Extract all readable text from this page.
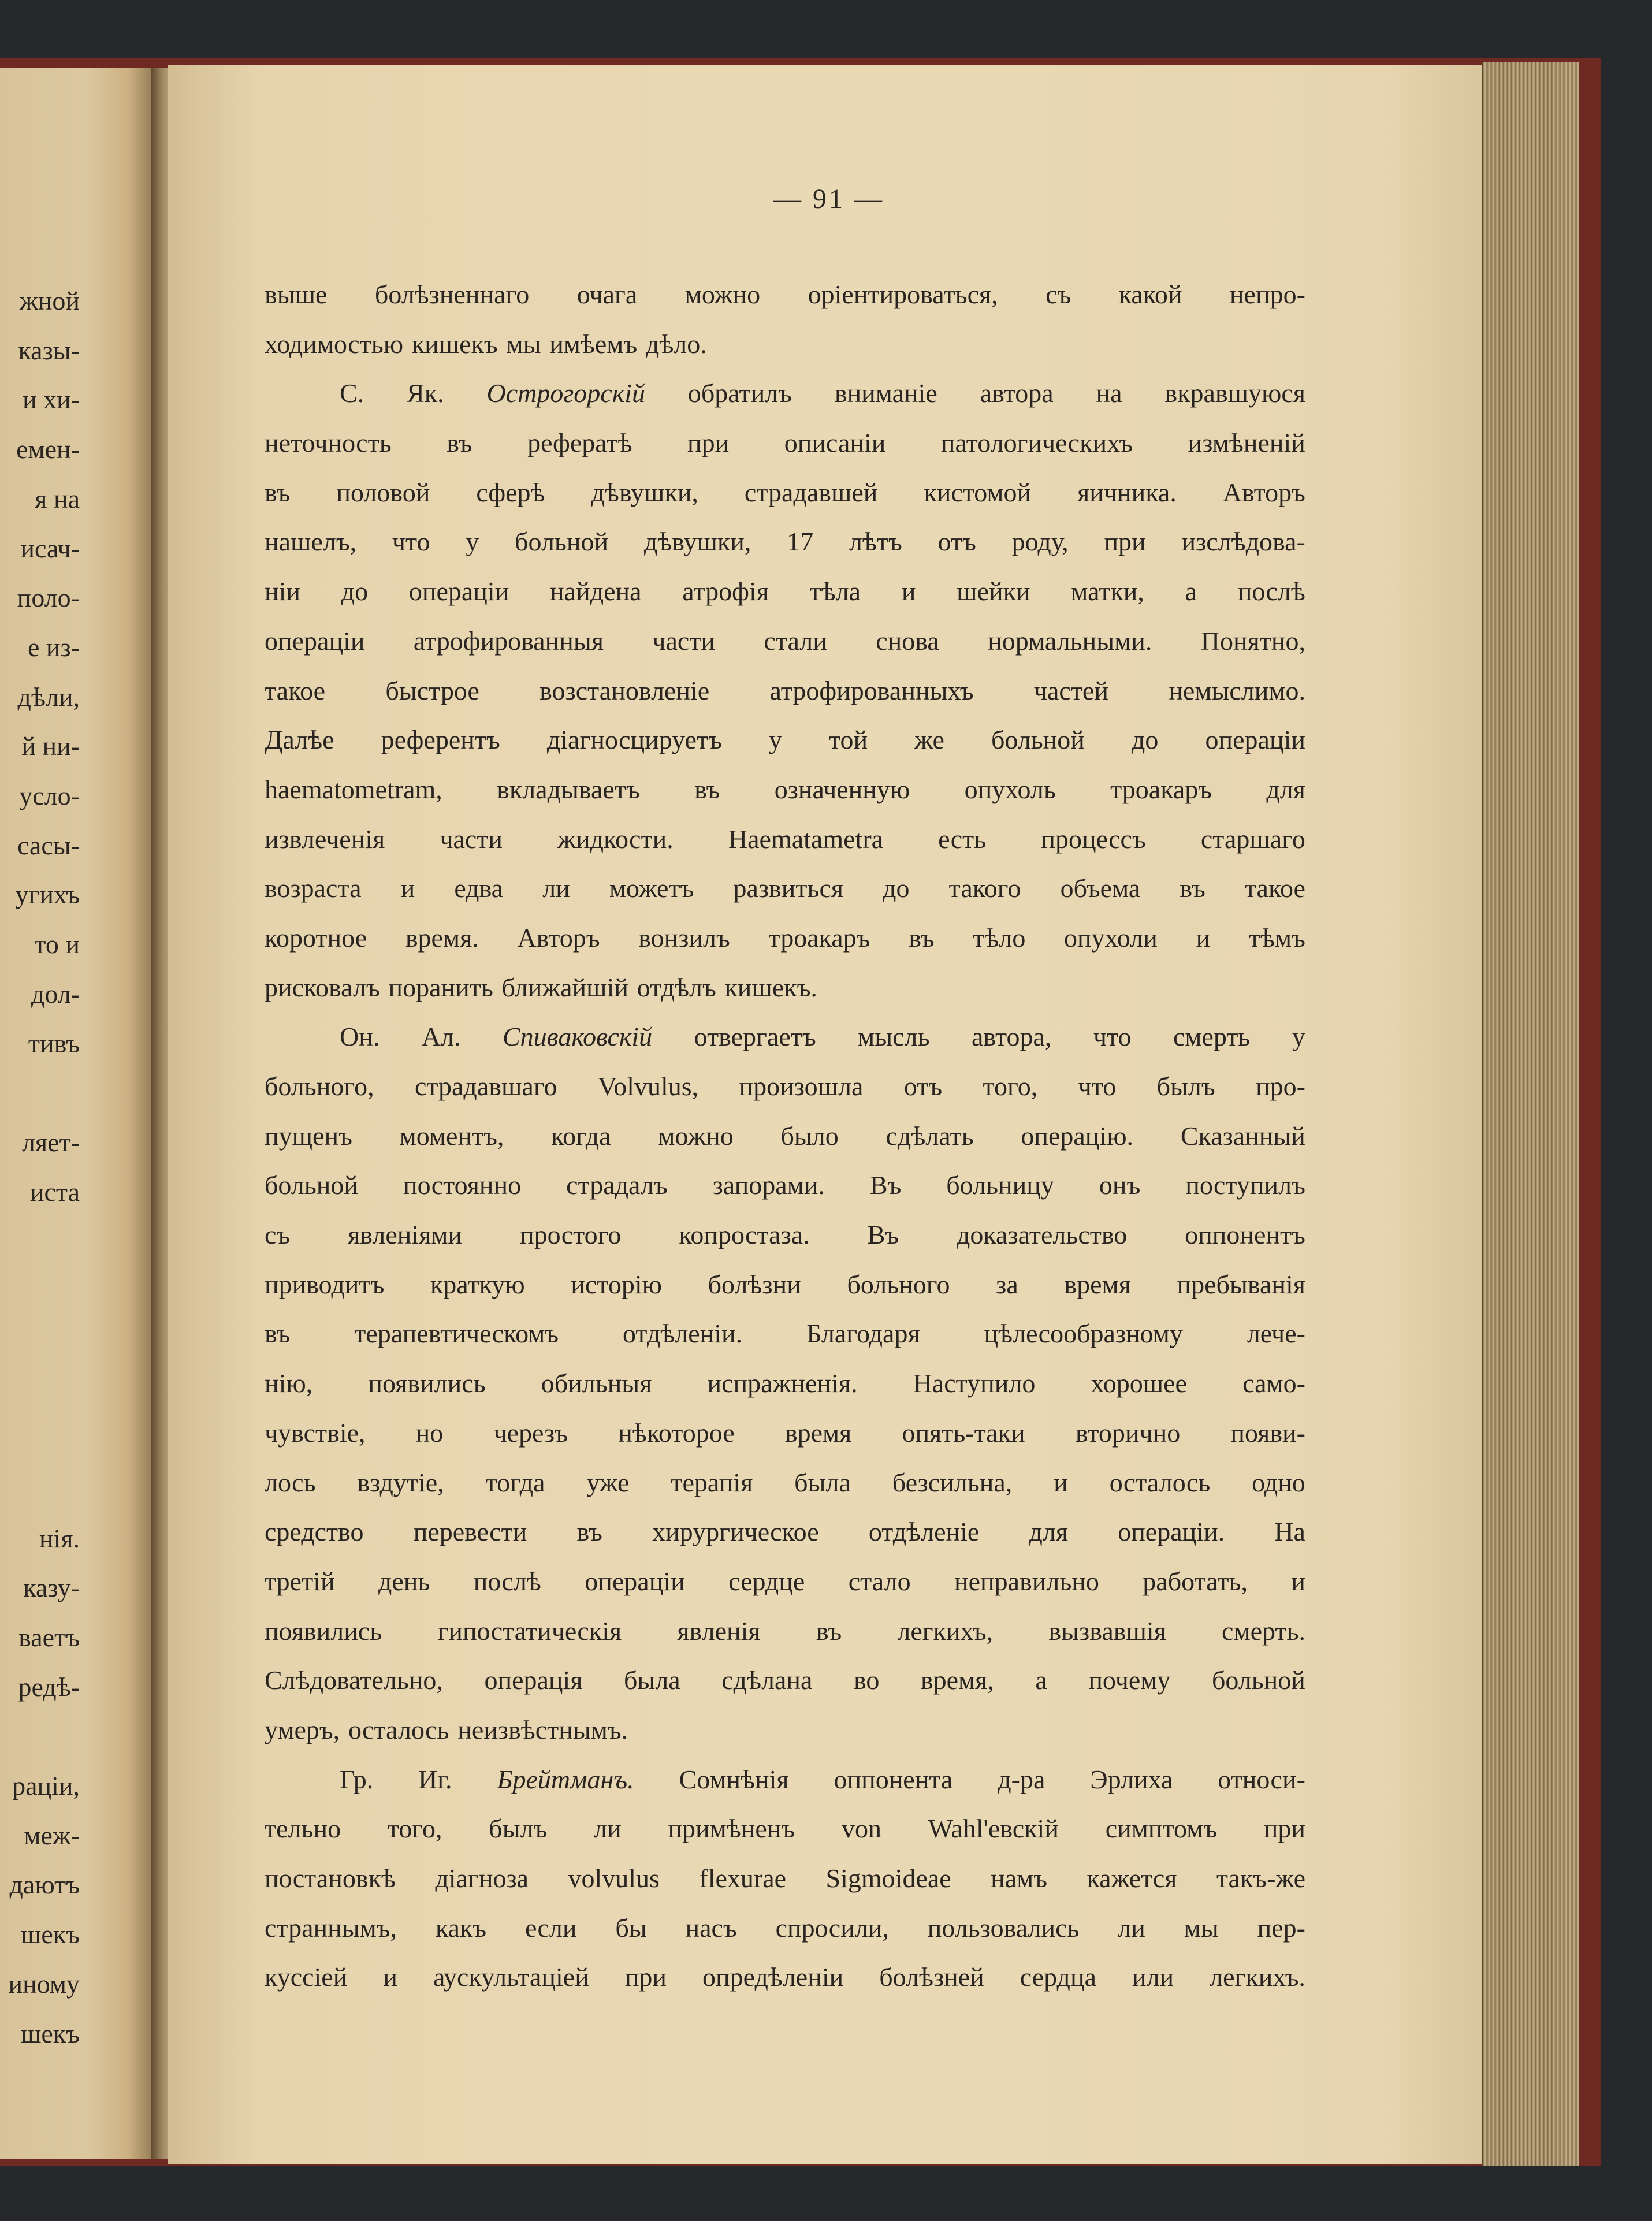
жной
казы-
и хи-
емен-
я на
исач-
поло-
е из-
дѣли,
й ни-
усло-
сасы-
угихъ
то и
дол-
тивъ
ляет-
иста
нія.
казу-
ваетъ
редѣ-
раціи,
меж-
даютъ
шекъ
иному
шекъ
— 91 —
выше болѣзненнаго очага можно оріентироваться, съ какой непро-
ходимостью кишекъ мы имѣемъ дѣло.
С. Як. Острогорскій обратилъ вниманіе автора на вкравшуюся
неточность въ рефератѣ при описаніи патологическихъ измѣненій
въ половой сферѣ дѣвушки, страдавшей кистомой яичника. Авторъ
нашелъ, что у больной дѣвушки, 17 лѣтъ отъ роду, при изслѣдова-
ніи до операціи найдена атрофія тѣла и шейки матки, а послѣ
операціи атрофированныя части стали снова нормальными. Понятно,
такое быстрое возстановленіе атрофированныхъ частей немыслимо.
Далѣе референтъ діагносцируетъ у той же больной до операціи
haematometram, вкладываетъ въ означенную опухоль троакаръ для
извлеченія части жидкости. Haematametra есть процессъ старшаго
возраста и едва ли можетъ развиться до такого объема въ такое
коротное время. Авторъ вонзилъ троакаръ въ тѣло опухоли и тѣмъ
рисковалъ поранить ближайшій отдѣлъ кишекъ.
Он. Ал. Спиваковскій отвергаетъ мысль автора, что смерть у
больного, страдавшаго Volvulus, произошла отъ того, что былъ про-
пущенъ моментъ, когда можно было сдѣлать операцію. Сказанный
больной постоянно страдалъ запорами. Въ больницу онъ поступилъ
съ явленіями простого копростаза. Въ доказательство оппонентъ
приводитъ краткую исторію болѣзни больного за время пребыванія
въ терапевтическомъ отдѣленіи. Благодаря цѣлесообразному лече-
нію, появились обильныя испражненія. Наступило хорошее само-
чувствіе, но черезъ нѣкоторое время опять-таки вторично появи-
лось вздутіе, тогда уже терапія была безсильна, и осталось одно
средство перевести въ хирургическое отдѣленіе для операціи. На
третій день послѣ операціи сердце стало неправильно работать, и
появились гипостатическія явленія въ легкихъ, вызвавшія смерть.
Слѣдовательно, операція была сдѣлана во время, а почему больной
умеръ, осталось неизвѣстнымъ.
Гр. Иг. Брейтманъ. Сомнѣнія оппонента д-ра Эрлиха относи-
тельно того, былъ ли примѣненъ von Wahl'евскій симптомъ при
постановкѣ діагноза volvulus flexurae Sigmoideae намъ кажется такъ-же
страннымъ, какъ если бы насъ спросили, пользовались ли мы пер-
куссіей и аускультаціей при опредѣленіи болѣзней сердца или легкихъ.
